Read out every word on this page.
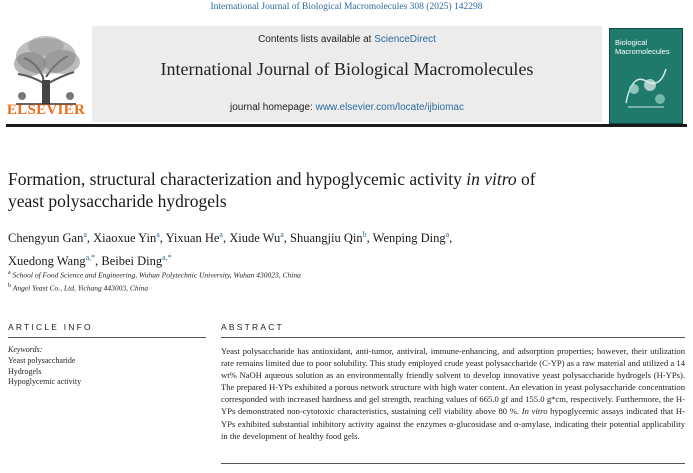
International Journal of Biological Macromolecules 308 (2025) 142298
ELSEVIER
Contents lists available at ScienceDirect
International Journal of Biological Macromolecules
journal homepage: www.elsevier.com/locate/ijbiomac
Biological
Macromolecules
Formation, structural characterization and hypoglycemic activity in vitro of
yeast polysaccharide hydrogels
Chengyun Gan$^a$, Xiaoxue Yin$^a$, Yixuan He$^a$, Xiude Wu$^a$, Shuangjiu Qin$^b$, Wenping Ding$^a$,
Xuedong Wang$^{a,*}$, Beibei Ding$^{a,*}$
$^a$ School of Food Science and Engineering, Wuhan Polytechnic University, Wuhan 430023, China
$^b$ Angel Yeast Co., Ltd, Yichang 443003, China
ARTICLE INFO	ABSTRACT
Keywords:
Yeast polysaccharide
Hydrogels
Hypoglycemic activity
Yeast polysaccharide has antioxidant, anti-tumor, antiviral, immune-enhancing, and adsorption properties; however, their utilization rate remains limited due to poor solubility. This study employed crude yeast polysaccharide (C-YP) as a raw material and utilized a 14 wt% NaOH aqueous solution as an environmentally friendly solvent to develop innovative yeast polysaccharide hydrogels (H-YPs). The prepared H-YPs exhibited a porous network structure with high water content. An elevation in yeast polysaccharide concentration corresponded with increased hardness and gel strength, reaching values of 665.0 gf and 155.0 g*cm, respectively. Furthermore, the H-YPs demonstrated non-cytotoxic characteristics, sustaining cell viability above 80 %. In vitro hypoglycemic assays indicated that H-YPs exhibited substantial inhibitory activity against the enzymes α-glucosidase and α-amylase, indicating their potential applicability in the development of healthy food gels.
